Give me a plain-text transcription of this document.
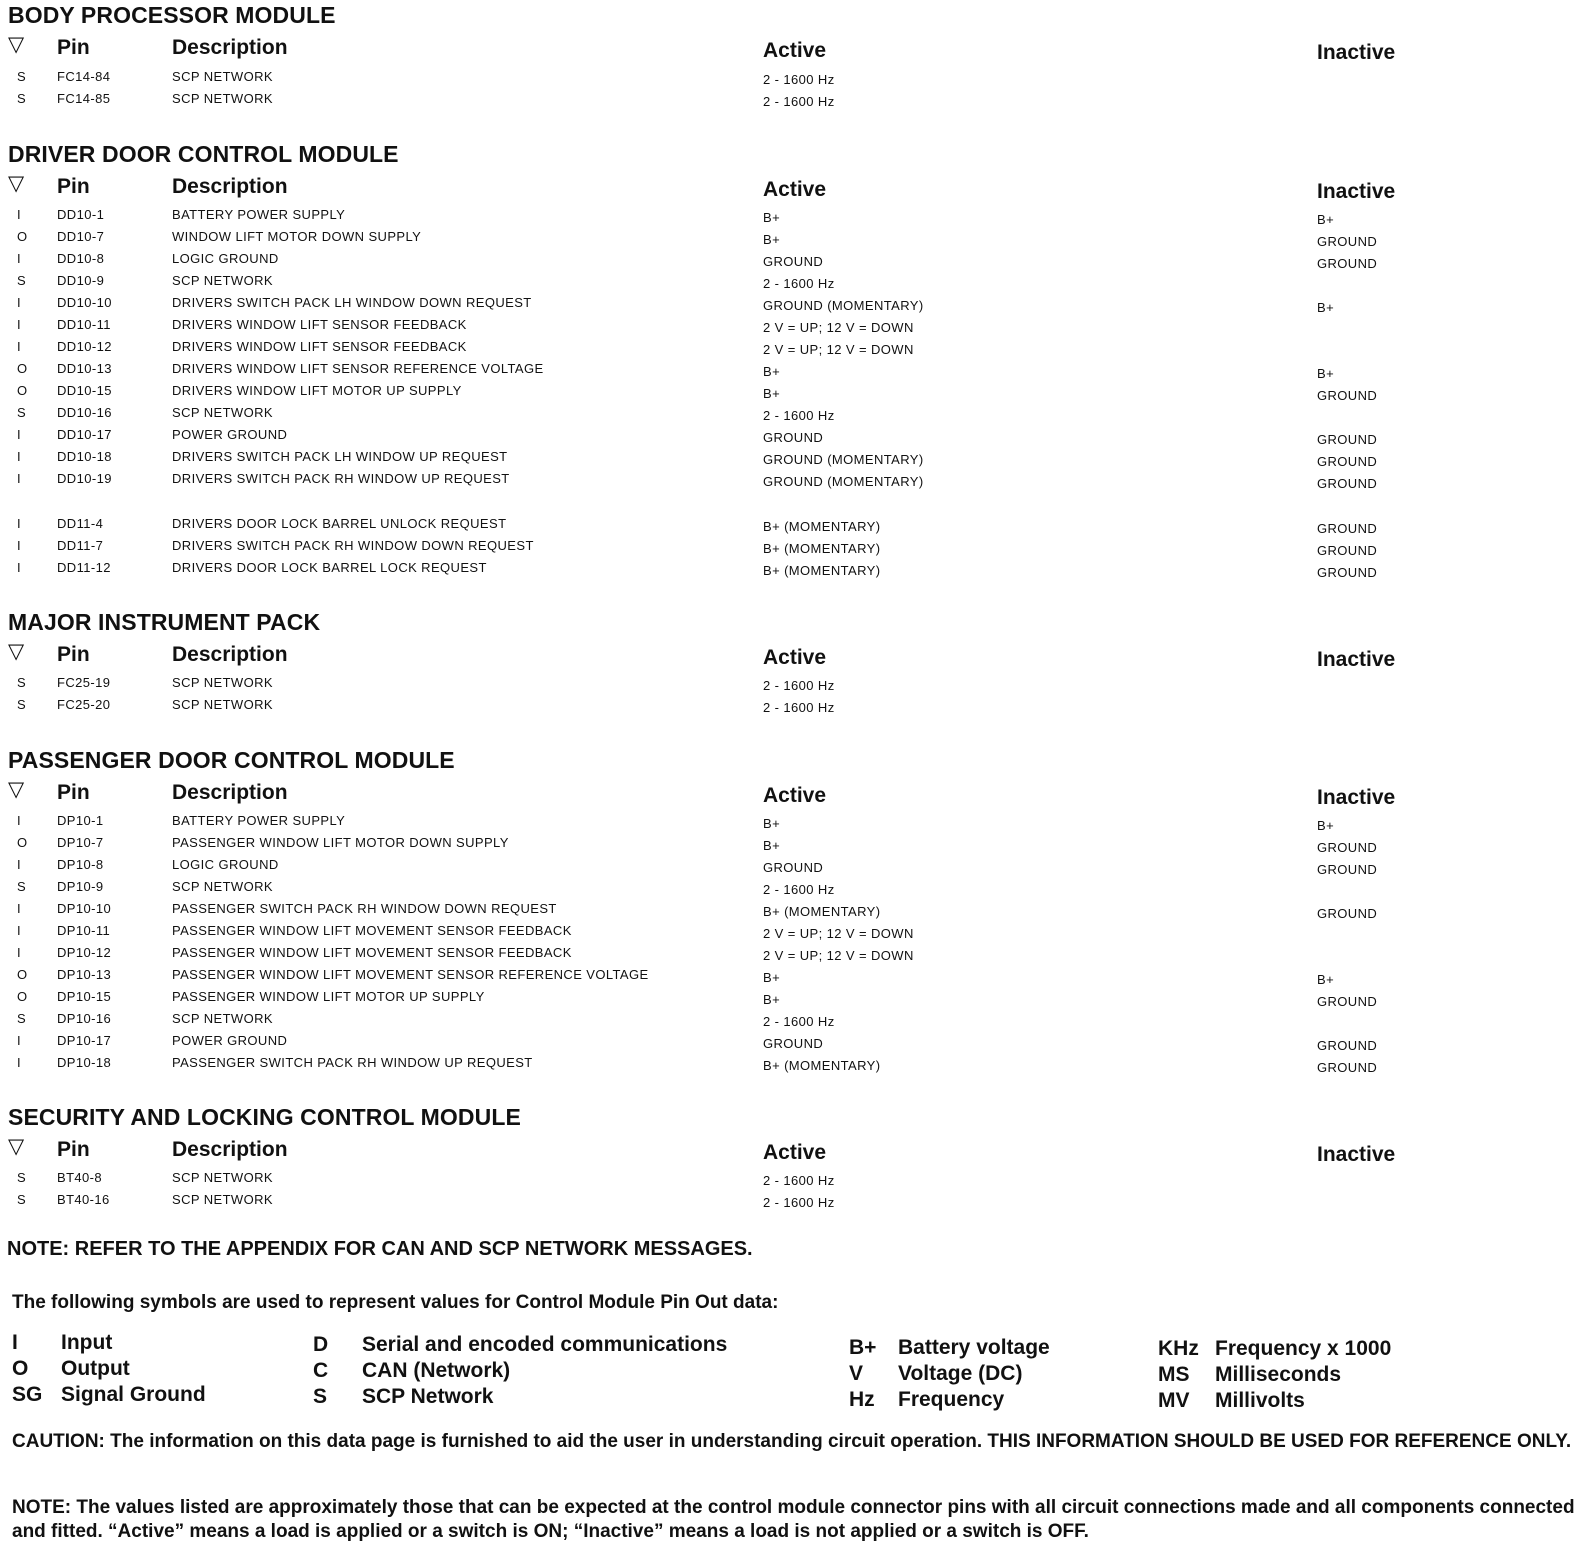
BODY PROCESSOR MODULE
▽ Pin	Description	Active	Inactive
S FC14-84	SCP NETWORK	2 - 1600 Hz
S FC14-85	SCP NETWORK	2 - 1600 Hz
DRIVER DOOR CONTROL MODULE
▽ Pin	Description	Active	Inactive
I	DD10-1	BATTERY POWER SUPPLY	B+	B+
O DD10-7	WINDOW LIFT MOTOR DOWN SUPPLY	B+	GROUND
I	DD10-8	LOGIC GROUND	GROUND	GROUND
S DD10-9	SCP NETWORK	2 - 1600 Hz
I	DD10-10	DRIVERS SWITCH PACK LH WINDOW DOWN REQUEST	GROUND (MOMENTARY)	B+
I	DD10-11	DRIVERS WINDOW LIFT SENSOR FEEDBACK	2 V = UP; 12 V = DOWN
I	DD10-12	DRIVERS WINDOW LIFT SENSOR FEEDBACK	2 V = UP; 12 V = DOWN
O DD10-13	DRIVERS WINDOW LIFT SENSOR REFERENCE VOLTAGE	B+	B+
O DD10-15	DRIVERS WINDOW LIFT MOTOR UP SUPPLY	B+	GROUND
S DD10-16	SCP NETWORK	2 - 1600 Hz
I	DD10-17	POWER GROUND	GROUND	GROUND
I	DD10-18	DRIVERS SWITCH PACK LH WINDOW UP REQUEST	GROUND (MOMENTARY)	GROUND
I	DD10-19	DRIVERS SWITCH PACK RH WINDOW UP REQUEST	GROUND (MOMENTARY)	GROUND
I	DD11-4	DRIVERS DOOR LOCK BARREL UNLOCK REQUEST	B+ (MOMENTARY)	GROUND
I	DD11-7	DRIVERS SWITCH PACK RH WINDOW DOWN REQUEST	B+ (MOMENTARY)	GROUND
I	DD11-12	DRIVERS DOOR LOCK BARREL LOCK REQUEST	B+ (MOMENTARY)	GROUND
MAJOR INSTRUMENT PACK
▽ Pin	Description	Active	Inactive
S FC25-19	SCP NETWORK	2 - 1600 Hz
S FC25-20	SCP NETWORK	2 - 1600 Hz
PASSENGER DOOR CONTROL MODULE
▽ Pin	Description	Active	Inactive
I	DP10-1	BATTERY POWER SUPPLY	B+	B+
O DP10-7	PASSENGER WINDOW LIFT MOTOR DOWN SUPPLY	B+	GROUND
I	DP10-8	LOGIC GROUND	GROUND	GROUND
S DP10-9	SCP NETWORK	2 - 1600 Hz
I	DP10-10	PASSENGER SWITCH PACK RH WINDOW DOWN REQUEST	B+ (MOMENTARY)	GROUND
I	DP10-11	PASSENGER WINDOW LIFT MOVEMENT SENSOR FEEDBACK	2 V = UP; 12 V = DOWN
I	DP10-12	PASSENGER WINDOW LIFT MOVEMENT SENSOR FEEDBACK	2 V = UP; 12 V = DOWN
O DP10-13	PASSENGER WINDOW LIFT MOVEMENT SENSOR REFERENCE VOLTAGE	B+	B+
O DP10-15	PASSENGER WINDOW LIFT MOTOR UP SUPPLY	B+	GROUND
S DP10-16	SCP NETWORK	2 - 1600 Hz
I	DP10-17	POWER GROUND	GROUND	GROUND
I	DP10-18	PASSENGER SWITCH PACK RH WINDOW UP REQUEST	B+ (MOMENTARY)	GROUND
SECURITY AND LOCKING CONTROL MODULE
▽ Pin	Description	Active	Inactive
S BT40-8	SCP NETWORK	2 - 1600 Hz
S BT40-16	SCP NETWORK	2 - 1600 Hz
NOTE: REFER TO THE APPENDIX FOR CAN AND SCP NETWORK MESSAGES.
The following symbols are used to represent values for Control Module Pin Out data:
I Input
O Output
SG Signal Ground
D Serial and encoded communications
C CAN (Network)
S SCP Network
B+ Battery voltage
V Voltage (DC)
Hz Frequency
KHz Frequency x 1000
MS Milliseconds
MV Millivolts
CAUTION: The information on this data page is furnished to aid the user in understanding circuit operation. THIS INFORMATION SHOULD BE USED FOR REFERENCE ONLY.
NOTE: The values listed are approximately those that can be expected at the control module connector pins with all circuit connections made and all components connected and fitted. “Active” means a load is applied or a switch is ON; “Inactive” means a load is not applied or a switch is OFF.
